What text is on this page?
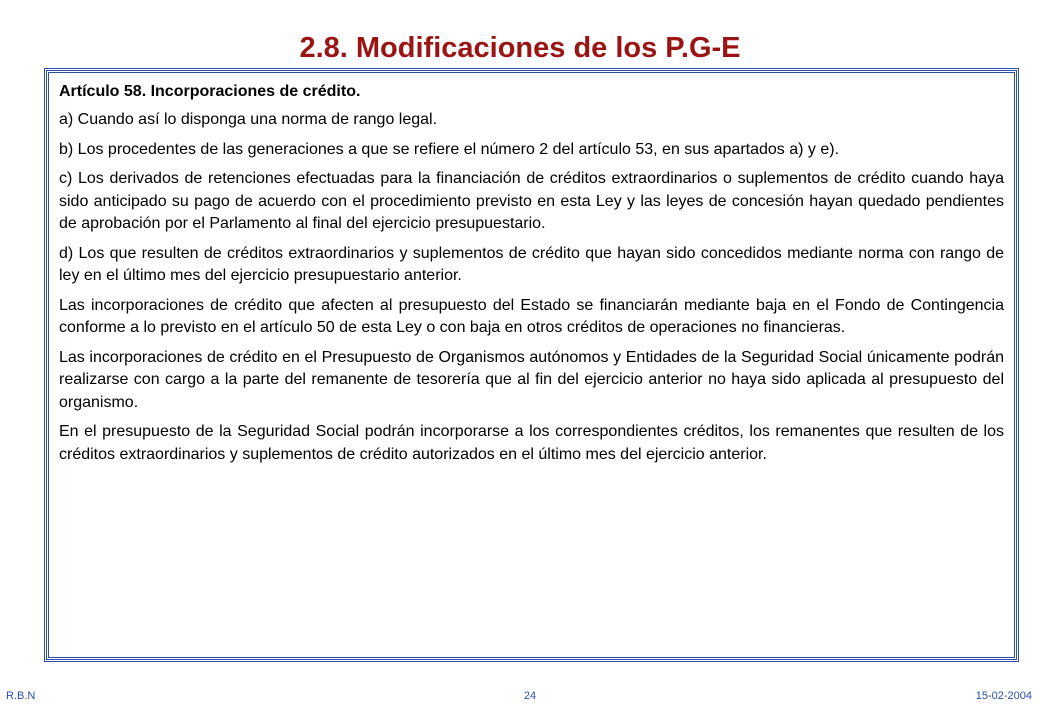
2.8. Modificaciones de los P.G-E

Artículo 58. Incorporaciones de crédito.

a) Cuando así lo disponga una norma de rango legal.

b) Los procedentes de las generaciones a que se refiere el número 2 del artículo 53, en sus apartados a) y e).

c) Los derivados de retenciones efectuadas para la financiación de créditos extraordinarios o suplementos de crédito cuando haya sido anticipado su pago de acuerdo con el procedimiento previsto en esta Ley y las leyes de concesión hayan quedado pendientes de aprobación por el Parlamento al final del ejercicio presupuestario.

d) Los que resulten de créditos extraordinarios y suplementos de crédito que hayan sido concedidos mediante norma con rango de ley en el último mes del ejercicio presupuestario anterior.

Las incorporaciones de crédito que afecten al presupuesto del Estado se financiarán mediante baja en el Fondo de Contingencia conforme a lo previsto en el artículo 50 de esta Ley o con baja en otros créditos de operaciones no financieras.

Las incorporaciones de crédito en el Presupuesto de Organismos autónomos y Entidades de la Seguridad Social únicamente podrán realizarse con cargo a la parte del remanente de tesorería que al fin del ejercicio anterior no haya sido aplicada al presupuesto del organismo.

En el presupuesto de la Seguridad Social podrán incorporarse a los correspondientes créditos, los remanentes que resulten de los créditos extraordinarios y suplementos de crédito autorizados en el último mes del ejercicio anterior.

R.B.N	24	15-02-2004
